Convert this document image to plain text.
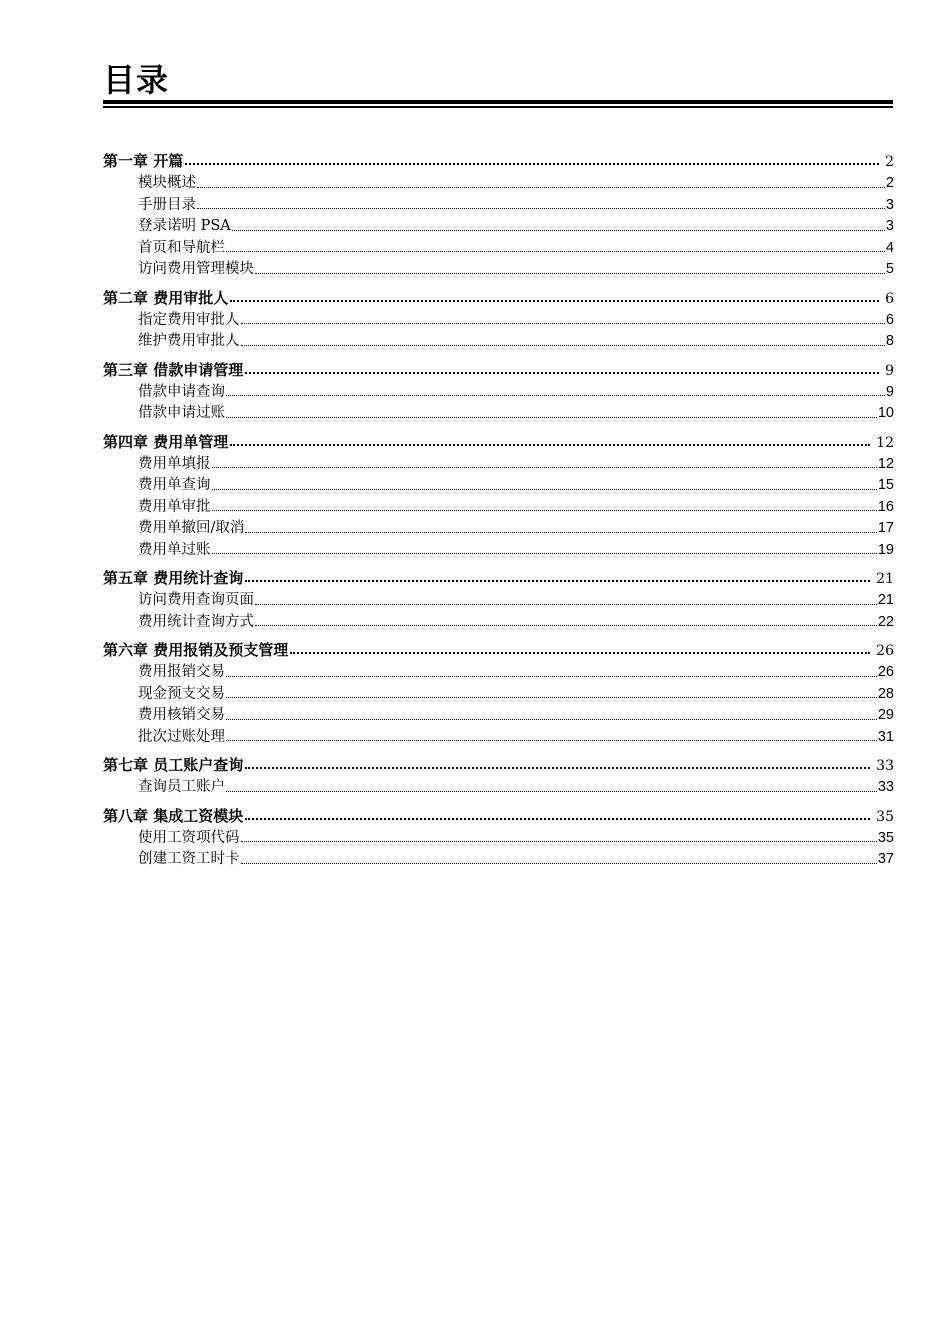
目录
第一章 开篇	2
模块概述	2
手册目录	3
登录诺明 PSA	3
首页和导航栏	4
访问费用管理模块	5
第二章 费用审批人	6
指定费用审批人	6
维护费用审批人	8
第三章 借款申请管理	9
借款申请查询	9
借款申请过账	10
第四章 费用单管理	12
费用单填报	12
费用单查询	15
费用单审批	16
费用单撤回/取消	17
费用单过账	19
第五章 费用统计查询	21
访问费用查询页面	21
费用统计查询方式	22
第六章 费用报销及预支管理	26
费用报销交易	26
现金预支交易	28
费用核销交易	29
批次过账处理	31
第七章 员工账户查询	33
查询员工账户	33
第八章 集成工资模块	35
使用工资项代码	35
创建工资工时卡	37
